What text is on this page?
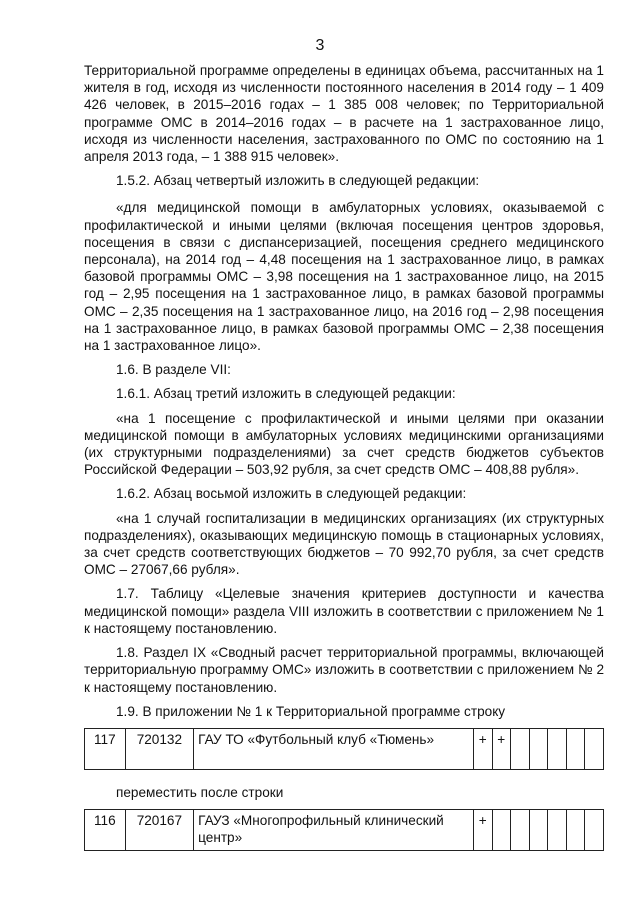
3

Территориальной программе определены в единицах объема, рассчитанных на 1 жителя в год, исходя из численности постоянного населения в 2014 году – 1 409 426 человек, в 2015–2016 годах – 1 385 008 человек; по Территориальной программе ОМС в 2014–2016 годах – в расчете на 1 застрахованное лицо, исходя из численности населения, застрахованного по ОМС по состоянию на 1 апреля 2013 года, – 1 388 915 человек».

1.5.2. Абзац четвертый изложить в следующей редакции:

«для медицинской помощи в амбулаторных условиях, оказываемой с профилактической и иными целями (включая посещения центров здоровья, посещения в связи с диспансеризацией, посещения среднего медицинского персонала), на 2014 год – 4,48 посещения на 1 застрахованное лицо, в рамках базовой программы ОМС – 3,98 посещения на 1 застрахованное лицо, на 2015 год – 2,95 посещения на 1 застрахованное лицо, в рамках базовой программы ОМС – 2,35 посещения на 1 застрахованное лицо, на 2016 год – 2,98 посещения на 1 застрахованное лицо, в рамках базовой программы ОМС – 2,38 посещения на 1 застрахованное лицо».

1.6. В разделе VII:

1.6.1. Абзац третий изложить в следующей редакции:

«на 1 посещение с профилактической и иными целями при оказании медицинской помощи в амбулаторных условиях медицинскими организациями (их структурными подразделениями) за счет средств бюджетов субъектов Российской Федерации – 503,92 рубля, за счет средств ОМС – 408,88 рубля».

1.6.2. Абзац восьмой изложить в следующей редакции:

«на 1 случай госпитализации в медицинских организациях (их структурных подразделениях), оказывающих медицинскую помощь в стационарных условиях, за счет средств соответствующих бюджетов – 70 992,70 рубля, за счет средств ОМС – 27067,66 рубля».

1.7. Таблицу «Целевые значения критериев доступности и качества медицинской помощи» раздела VIII изложить в соответствии с приложением № 1 к настоящему постановлению.

1.8. Раздел IX «Сводный расчет территориальной программы, включающей территориальную программу ОМС» изложить в соответствии с приложением № 2 к настоящему постановлению.

1.9. В приложении № 1 к Территориальной программе строку

117	720132	ГАУ ТО «Футбольный клуб «Тюмень»	+	+					

переместить после строки

116	720167	ГАУЗ «Многопрофильный клинический центр»	+						
